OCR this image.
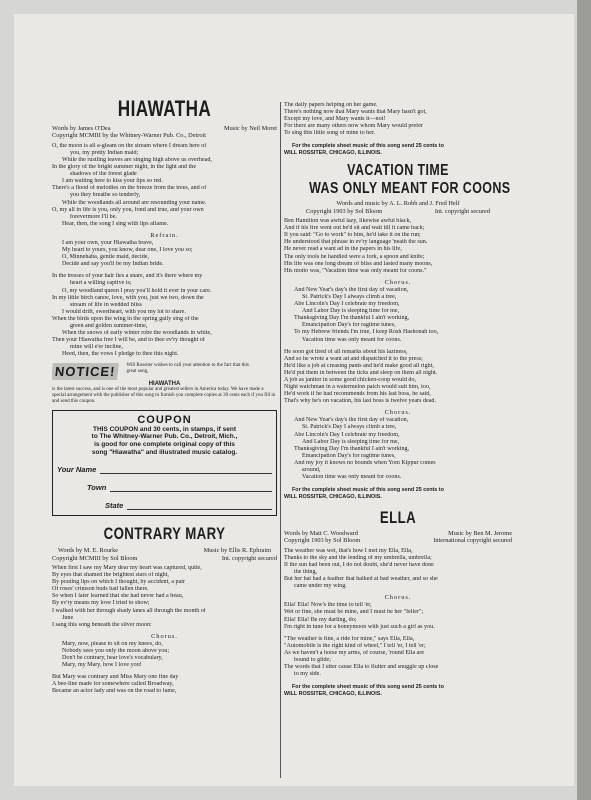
HIAWATHA
Words by James O'Dea	Music by Neil Moret
Copyright MCMIII by the Whitney-Warner Pub. Co., Detroit
O, the moon is all a-gleam on the stream where I dream here of
you, my pretty Indian maid;
While the rustling leaves are singing high above us overhead,
In the glory of the bright summer night, in the light and the
shadows of the forest glade
I am waiting here to kiss your lips so red.
There's a flood of melodies on the breeze from the trees, and of
you they breathe so tenderly,
While the woodlands all around are resounding your name.
O, my all in life is you, only you, fond and true, and your own
forevermore I'll be.
Hear, then, the song I sing with lips aflame.
Refrain.
I am your own, your Hiawatha brave,
My heart to yours, you know, dear one, I love you so;
O, Minnehaha, gentle maid, decide,
Decide and say you'll be my Indian bride.
In the tresses of your hair lies a snare, and it's there where my
heart a willing captive is;
O, my woodland queen I pray you'll hold it ever in your care.
In my little birch canoe, love, with you, just we two, down the
stream of life in wedded bliss
I would drift, sweetheart, with you my lot to share.
When the birds upon the wing in the spring gaily sing of the
green and golden summer-time,
When the snows of early winter robe the woodlands in white,
Then your Hiawatha free I will be, and to thee ev'ry thought of
mine will e'er incline,
Heed, then, the vows I pledge to thee this night.
NOTICE! Will Rossiter wishes to call your attention to the fact that this great song,
HIAWATHA
is the latest success, and is one of the most popular and greatest sellers in America today. We have made a special arrangement with the publisher of this song to furnish you complete copies at 30 cents each if you fill in and send this coupon.
COUPON
THIS COUPON and 30 cents, in stamps, if sent
to The Whitney-Warner Pub. Co., Detroit, Mich.,
is good for one complete original copy of this
song "Hiawatha" and illustrated music catalog.
Your Name
Town
State
CONTRARY MARY
Words by M. E. Rourke	Music by Ellis R. Ephraim
Copyright MCMIII by Sol Bloom	Int. copyright secured
When first I saw my Mary dear my heart was captured, quite,
By eyes that shamed the brightest stars of night,
By pouting lips on which I thought, by accident, a pair
Of roses' crimson buds had fallen there.
So when I later learned that she had never had a beau,
By ev'ry means my love I tried to show;
I walked with her through shady lanes all through the month of
June
I sang this song beneath the silver moon:
Chorus.
Mary, now, please to sit on my knees, do,
Nobody sees you only the moon above you;
Don't be contrary, hear love's vocabulary,
Mary, my Mary, how I love you!
But Mary was contrary and Miss Mary one fine day
A bee-line made for somewhere called Broadway,
Became an actor lady and was on the road to fame,
The daily papers helping on her game.
There's nothing now that Mary wants that Mary hasn't got,
Except my love, and Mary wants it—not!
For there are many others now whom Mary would prefer
To sing this little song of mine to her.
For the complete sheet music of this song send 25 cents to
WILL ROSSITER, CHICAGO, ILLINOIS.
VACATION TIME
WAS ONLY MEANT FOR COONS
Words and music by A. L. Robb and J. Fred Helf
Copyright 1903 by Sol Bloom	Int. copyright secured
Ben Hamilton was awful lazy, likewise awful black,
And if his fire went out he'd sit and wait till it came back;
If you said: "Go to work" to him, he'd take it on the run;
He understood that phrase in ev'ry language 'neath the sun.
He never read a want ad in the papers in his life,
The only tools he handled were a fork, a spoon and knife;
His life was one long dream of bliss and lasted many moons,
His motto was, "Vacation time was only meant for coons."
Chorus.
And New Year's day's the first day of vacation,
St. Patrick's Day I always climb a tree,
Abe Lincoln's Day I celebrate my freedom,
And Labor Day is sleeping time for me,
Thanksgiving Day I'm thankful I ain't working,
Emancipation Day's for ragtime tunes,
To my Hebrew friends I'm true, I keep Rosh Hashonah too,
Vacation time was only meant for coons.
He soon got tired of all remarks about his laziness,
And so he wrote a want ad and dispatched it to the press;
He'd like a job at creasing pants and he'd make good all right,
He'd put them in between the ticks and sleep on them all night.
A job as janitor in some good chicken-coop would do,
Night watchman in a watermelon patch would suit him, too,
He'd work if he had recommends from his last boss, he said,
That's why he's on vacation, his last boss is twelve years dead.
Chorus.
And New Year's day's the first day of vacation,
St. Patrick's Day I always climb a tree,
Abe Lincoln's Day I celebrate my freedom,
And Labor Day is sleeping time for me,
Thanksgiving Day I'm thankful I ain't working,
Emancipation Day's for ragtime tunes,
And my joy it knows no bounds when Yom Kippur comes
around,
Vacation time was only meant for coons.
For the complete sheet music of this song send 25 cents to
WILL ROSSITER, CHICAGO, ILLINOIS.
ELLA
Words by Matt C. Woodward	Music by Ben M. Jerome
Copyright 1903 by Sol Bloom	International copyright secured
The weather was wet, that's how I met my Ella, Ella,
Thanks to the sky and the lending of my umbrella, umbrella;
If the sun had been out, I do not doubt, she'd never have done
the thing,
But her hat had a feather that balked at bad weather, and so she
came under my wing.
Chorus.
Ella! Ella! Now's the time to tell 'er,
Wet or fine, she must be mine, and I must be her "feller";
Ella! Ella! Be my darling, do;
I'm right in tune for a honeymoon with just such a girl as you.
"The weather is fine, a ride for mine," says Ella, Ella,
"Automobile is the right kind of wheel," I tell 'er, I tell 'er;
As we haven't a horse my arms, of course, 'round Ella are
bound to glide;
The words that I utter cause Ella to flutter and snuggle up close
to my side.
For the complete sheet music of this song send 25 cents to
WILL ROSSITER, CHICAGO, ILLINOIS.
